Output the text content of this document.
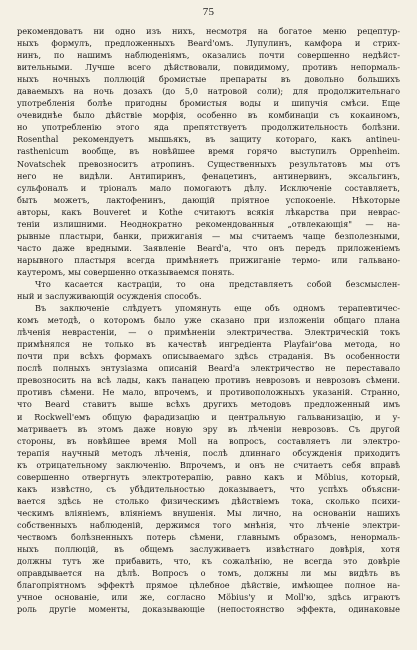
75
рекомендоватъ ни одно изъ нихъ, несмотря на богатое меню рецептур-
ныхъ формулъ, предложенныхъ Beard'омъ. Лупулинъ, камфора и стрих-
нинъ, по нашимъ наблюденіямъ, оказались почти совершенно недѣйст-
вительными. Лучше всего дѣйствовали, повидимому, противъ непормаль-
ныхъ ночныхъ поллюцій бромистые препараты въ довольно большихъ
даваемыхъ на ночь дозахъ (до 5,0 натровой соли); для продолжительнаго
употребленія болѣе пригодны бромистыя воды и шипучія смѣси. Еще
очевиднѣе было дѣйствіе морфія, особенно въ комбинаціи съ кокаиномъ,
но употребленію этого яда препятствуетъ продолжительность болѣзни.
Rosenthal рекомендуетъ мышьякъ, въ защиту котораго, какъ antineu-
rastheniсum вообще, въ новѣйшее время горячо выступилъ Oppenheim.
Novatschek превозноситъ атропинъ. Существенныхъ результатовъ мы отъ
него не видѣли. Антипиринъ, фенацетинъ, антинервинъ, эксальгинъ,
сульфоналъ и тріоналъ мало помогаютъ дѣлу. Исключеніе составляетъ,
быть можетъ, лактофенинъ, дающій пріятное успокоеніе. Нѣкоторые
авторы, какъ Bouveret и Kothe считаютъ всякія лѣкарства при неврас-
теніи излишними. Неоднократно рекомендованныя „отвлекающія" — на-
рывные пластыри, банки, прижиганія — мы считаемъ чаще безполезными,
часто даже вредными. Заявленіе Beard'а, что онъ передъ приложеніемъ
нарывного пластыря всегда примѣняетъ прижиганіе термо- или гальвано-
каутеромъ, мы совершенно отказываемся понять.
Что касается кастраціи, то она представляетъ собой безсмыслен-
ный и заслуживающій осужденія способъ.
Въ заключеніе слѣдуетъ упомянуть еще объ одномъ терапевтичес-
комъ методѣ, о которомъ было уже сказано при изложеніи общаго плана
лѣченія неврастеніи, — о примѣненіи электричества. Электрическій токъ
примѣнялся не только въ качествѣ ингредіента Playfair'ова метода, но
почти при всѣхъ формахъ описываемаго здѣсь страданія. Въ особенности
послѣ полныхъ энтузіазма описаній Beard'а электричество не переставало
превозносить на всѣ лады, какъ панацею противъ неврозовъ и неврозовъ сѣмени.
противъ сѣмени. Не мало, впрочемъ, и противоположныхъ указаній. Странно,
что Beard ставитъ выше всѣхъ другихъ методовъ предложенный имъ
и Rockwell'емъ общую фарадизацію и центральную гальванизацію, и у-
матриваетъ въ этомъ даже новую эру въ лѣченіи неврозовъ. Съ другой
стороны, въ новѣйшее время Moll на вопросъ, составляетъ ли электро-
терапія научный методъ лѣченія, послѣ длиннаго обсужденія приходитъ
къ отрицательному заключенію. Впрочемъ, и онъ не считаетъ себя вправѣ
совершенно отвергнуть электротерапію, равно какъ и Möbius, который,
какъ извѣстно, съ убѣдительностью доказываетъ, что успѣхъ объясни-
вается здѣсь не столько физическимъ дѣйствіемъ тока, сколько психи-
ческимъ вліяніемъ, вліяніемъ внушенія. Мы лично, на основаніи нашихъ
собственныхъ наблюденій, держимся того мнѣнія, что лѣченіе электри-
чествомъ болѣзненныхъ потерь сѣмени, главнымъ образомъ, ненормаль-
ныхъ поллюцій, въ общемъ заслуживаетъ извѣстнаго довѣрія, хотя
должны тутъ же прибавить, что, къ сожалѣнію, не всегда это довѣріе
оправдывается на дѣлѣ. Вопросъ о томъ, должны ли мы видѣть въ
благопріятномъ эффектѣ прямое цѣлебное дѣйствіе, имѣющее полное на-
учное основаніе, или же, согласно Möbius'у и Moll'ю, здѣсь играютъ
роль другіе моменты, доказывающіе (непостоянство эффекта, одинаковые
